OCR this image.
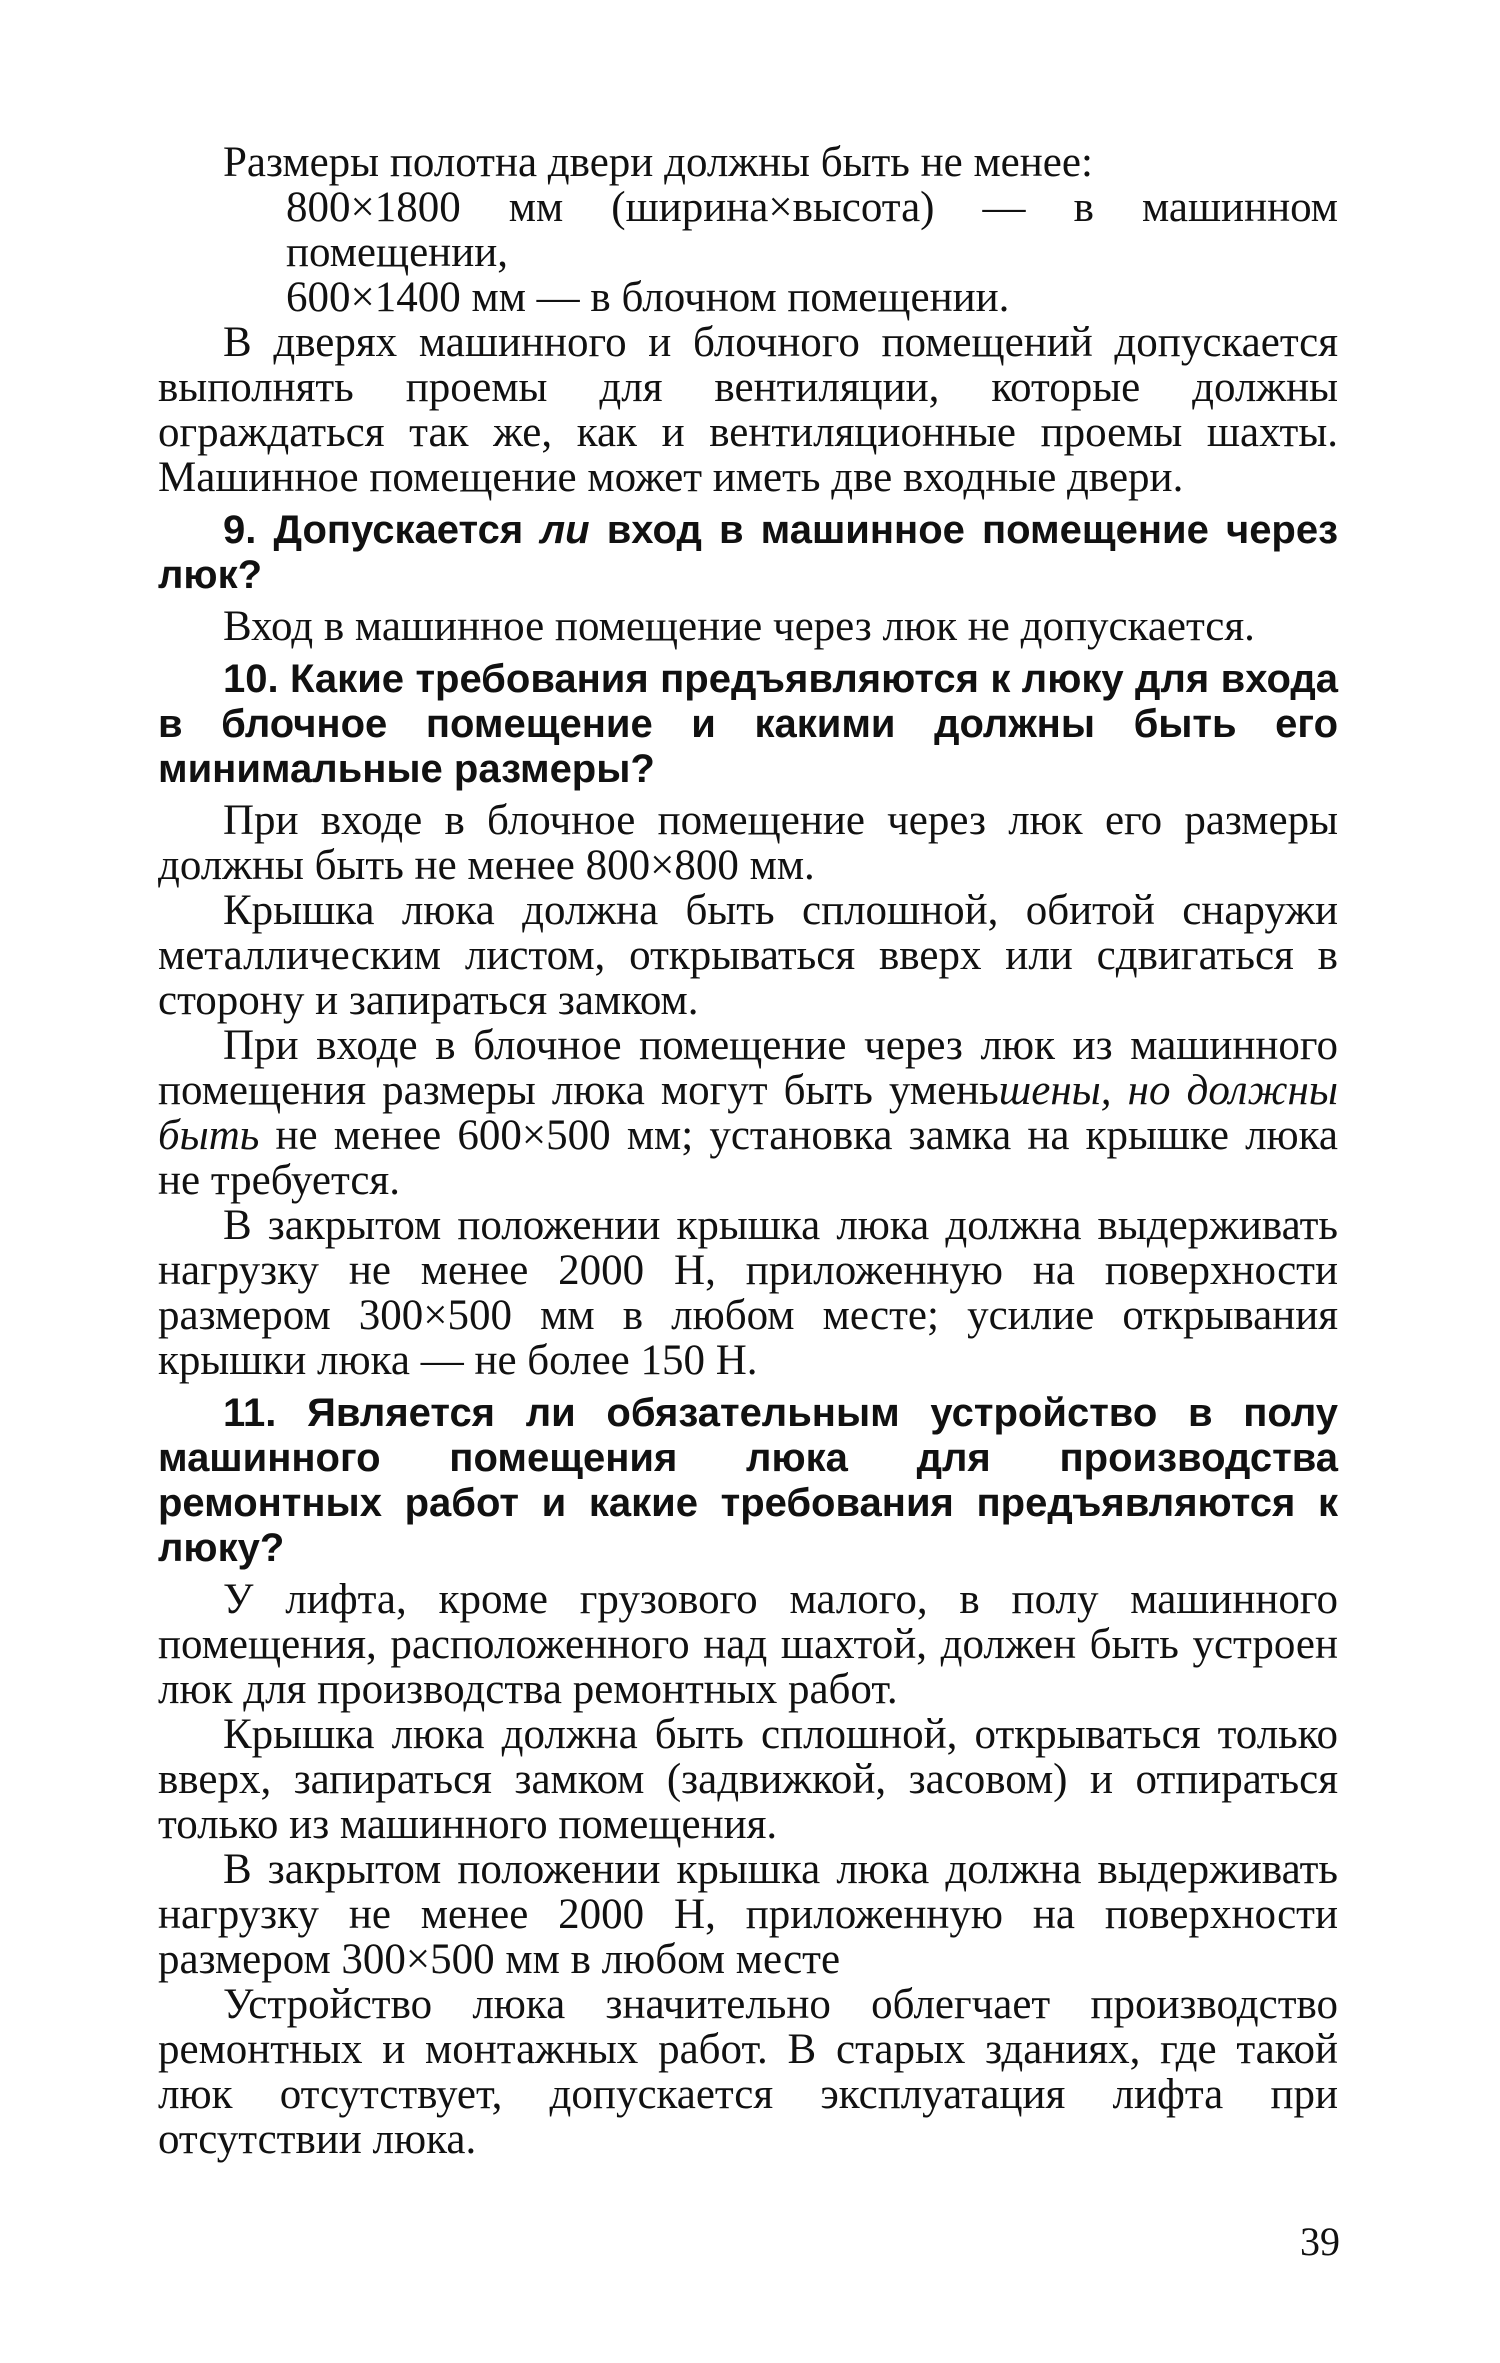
Размеры полотна двери должны быть не менее:

800×1800 мм (ширина×высота) — в машинном помещении,

600×1400 мм — в блочном помещении.

В дверях машинного и блочного помещений допускается выполнять проемы для вентиляции, которые должны ограждаться так же, как и вентиляционные проемы шахты. Машинное помещение может иметь две входные двери.

9. Допускается ли вход в машинное помещение через люк?

Вход в машинное помещение через люк не допускается.

10. Какие требования предъявляются к люку для входа в блочное помещение и какими должны быть его минимальные размеры?

При входе в блочное помещение через люк его размеры должны быть не менее 800×800 мм.

Крышка люка должна быть сплошной, обитой снаружи металлическим листом, открываться вверх или сдвигаться в сторону и запираться замком.

При входе в блочное помещение через люк из машинного помещения размеры люка могут быть уменьшены, но должны быть не менее 600×500 мм; установка замка на крышке люка не требуется.

В закрытом положении крышка люка должна выдерживать нагрузку не менее 2000 Н, приложенную на поверхности размером 300×500 мм в любом месте; усилие открывания крышки люка — не более 150 Н.

11. Является ли обязательным устройство в полу машинного помещения люка для производства ремонтных работ и какие требования предъявляются к люку?

У лифта, кроме грузового малого, в полу машинного помещения, расположенного над шахтой, должен быть устроен люк для производства ремонтных работ.

Крышка люка должна быть сплошной, открываться только вверх, запираться замком (задвижкой, засовом) и отпираться только из машинного помещения.

В закрытом положении крышка люка должна выдерживать нагрузку не менее 2000 Н, приложенную на поверхности размером 300×500 мм в любом месте

Устройство люка значительно облегчает производство ремонтных и монтажных работ. В старых зданиях, где такой люк отсутствует, допускается эксплуатация лифта при отсутствии люка.

39
